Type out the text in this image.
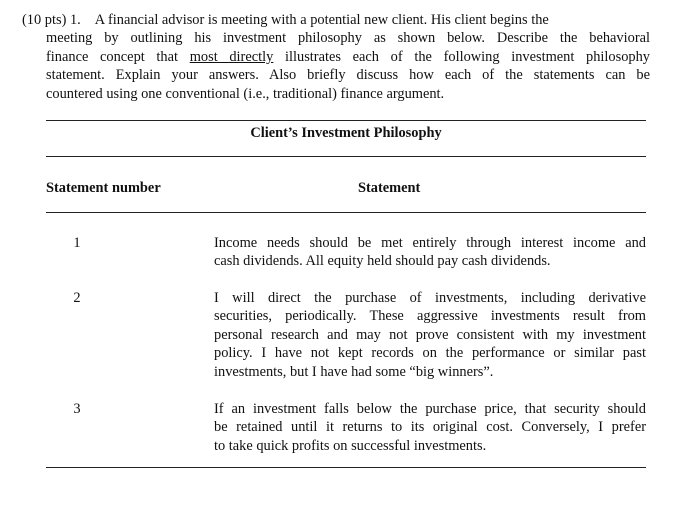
(10 pts) 1. A financial advisor is meeting with a potential new client. His client begins the
meeting by outlining his investment philosophy as shown below. Describe the behavioral
finance concept that most directly illustrates each of the following investment philosophy
statement. Explain your answers. Also briefly discuss how each of the statements can be
countered using one conventional (i.e., traditional) finance argument.
Client’s Investment Philosophy
Statement number	Statement
1	Income needs should be met entirely through interest income and
cash dividends. All equity held should pay cash dividends.
2	I will direct the purchase of investments, including derivative
securities, periodically. These aggressive investments result from
personal research and may not prove consistent with my investment
policy. I have not kept records on the performance or similar past
investments, but I have had some “big winners”.
3	If an investment falls below the purchase price, that security should
be retained until it returns to its original cost. Conversely, I prefer
to take quick profits on successful investments.
